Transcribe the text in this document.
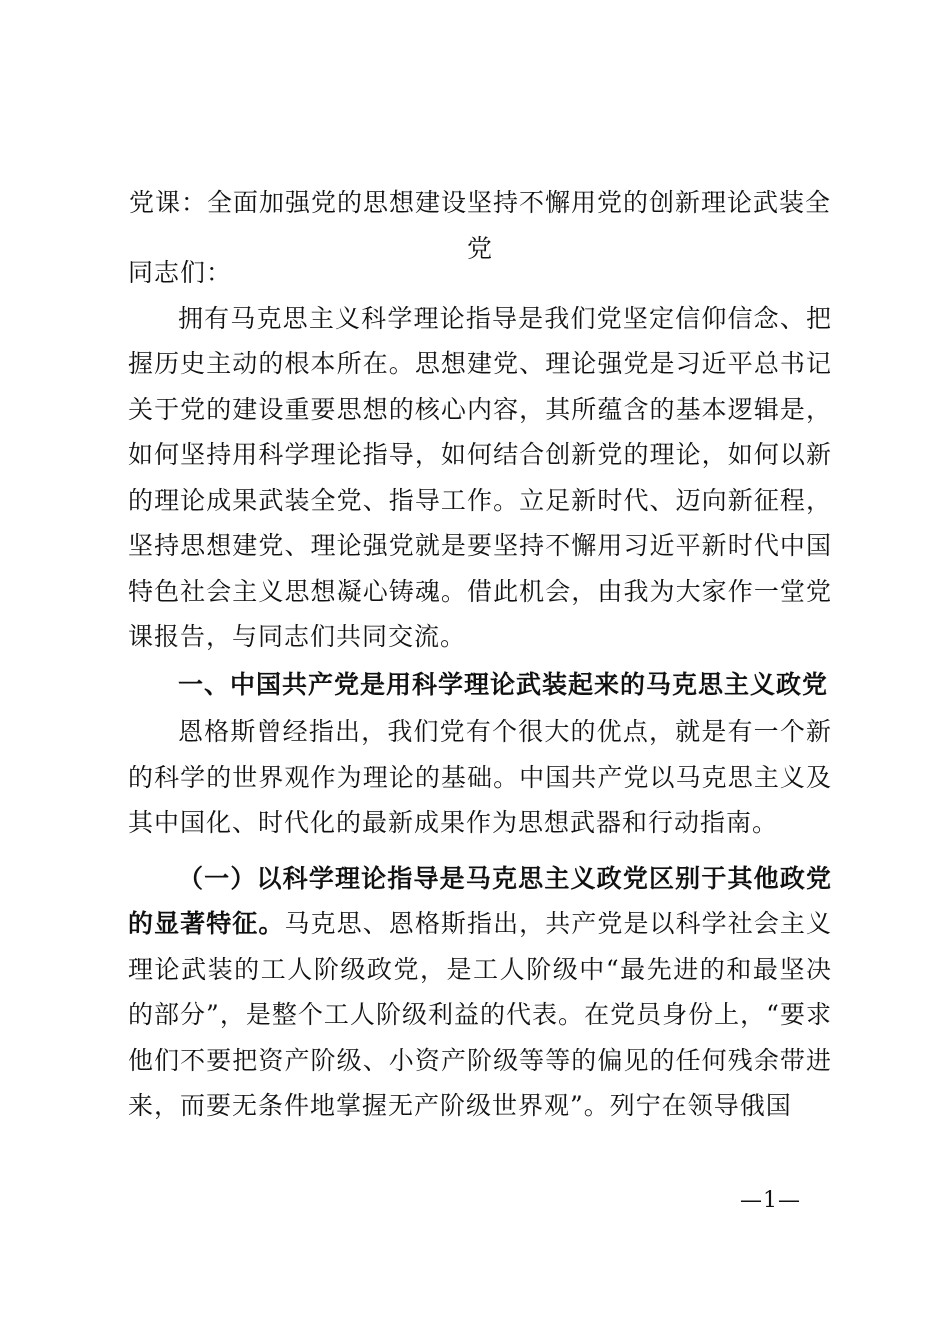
党课：全面加强党的思想建设坚持不懈用党的创新理论武装全党

同志们：

拥有马克思主义科学理论指导是我们党坚定信仰信念、把握历史主动的根本所在。思想建党、理论强党是习近平总书记关于党的建设重要思想的核心内容，其所蕴含的基本逻辑是，如何坚持用科学理论指导，如何结合创新党的理论，如何以新的理论成果武装全党、指导工作。立足新时代、迈向新征程，坚持思想建党、理论强党就是要坚持不懈用习近平新时代中国特色社会主义思想凝心铸魂。借此机会，由我为大家作一堂党课报告，与同志们共同交流。

一、中国共产党是用科学理论武装起来的马克思主义政党

恩格斯曾经指出，我们党有个很大的优点，就是有一个新的科学的世界观作为理论的基础。中国共产党以马克思主义及其中国化、时代化的最新成果作为思想武器和行动指南。

（一）以科学理论指导是马克思主义政党区别于其他政党的显著特征。马克思、恩格斯指出，共产党是以科学社会主义理论武装的工人阶级政党，是工人阶级中“最先进的和最坚决的部分”，是整个工人阶级利益的代表。在党员身份上，“要求他们不要把资产阶级、小资产阶级等等的偏见的任何残余带进来，而要无条件地掌握无产阶级世界观”。列宁在领导俄国

—1—
